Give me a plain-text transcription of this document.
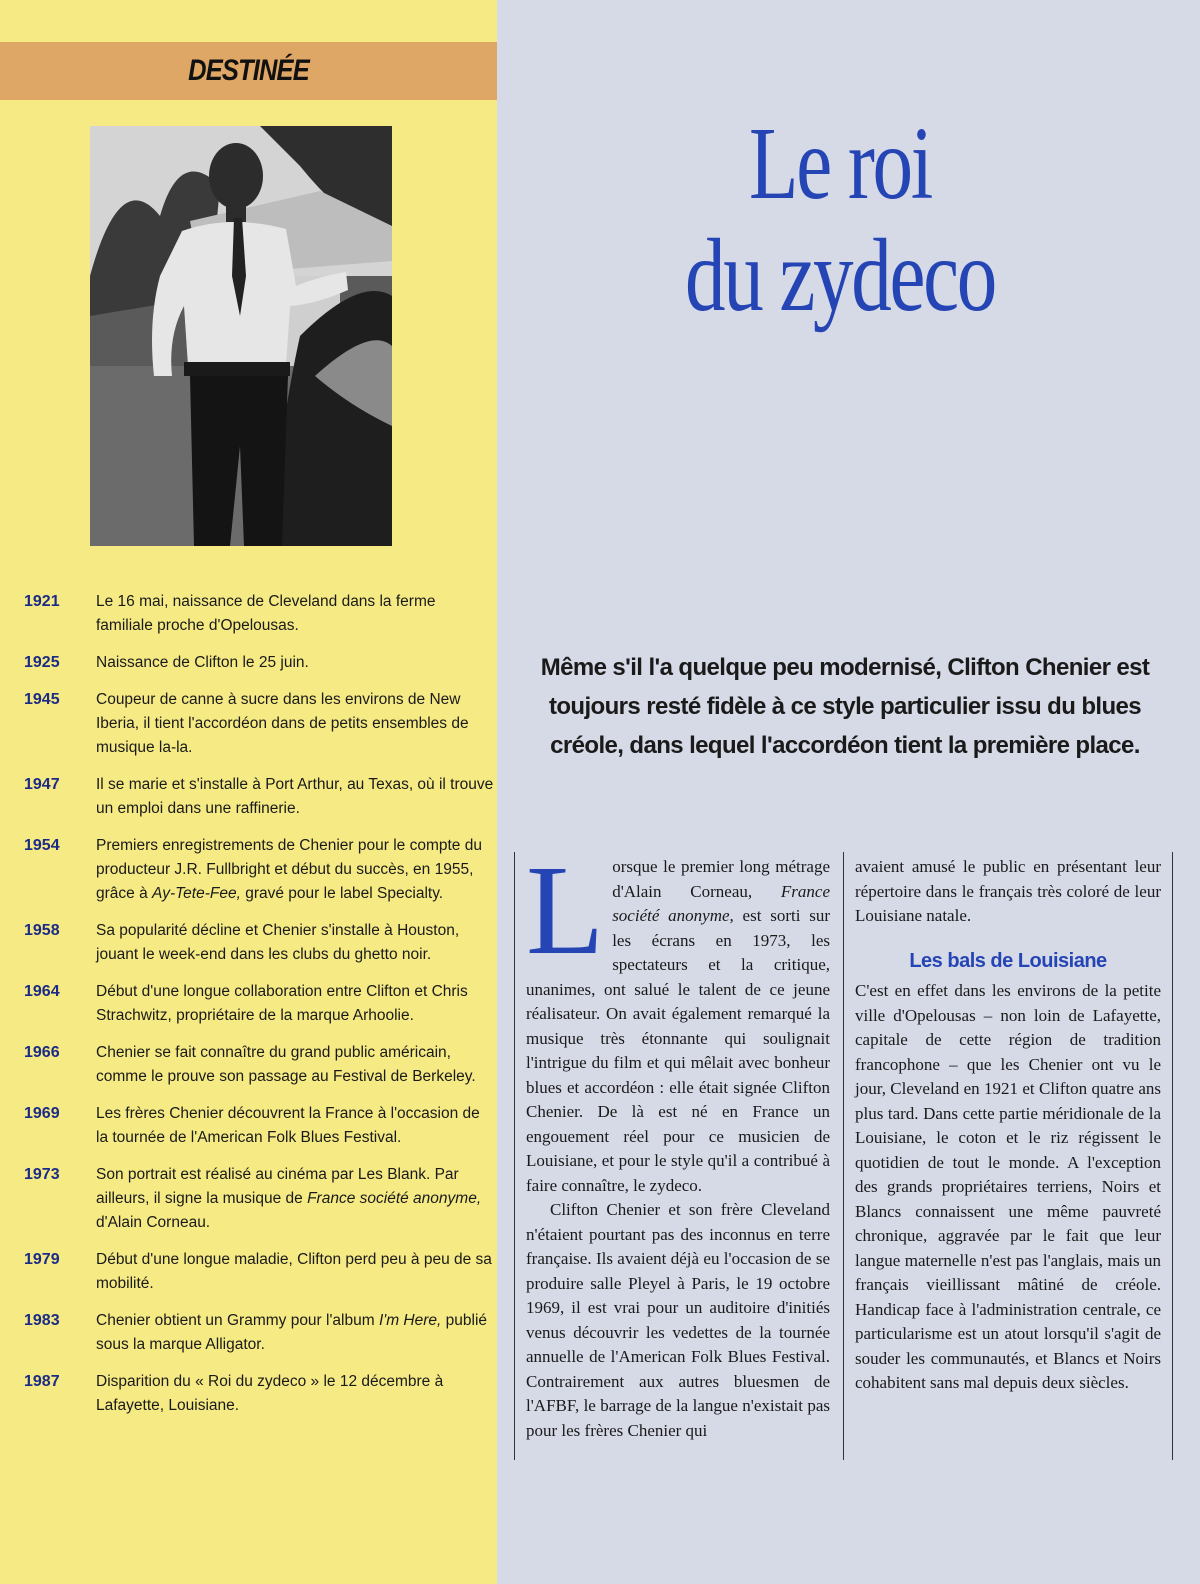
DESTINÉE
1921	Le 16 mai, naissance de Cleveland dans la ferme familiale proche d'Opelousas.
1925	Naissance de Clifton le 25 juin.
1945	Coupeur de canne à sucre dans les environs de New Iberia, il tient l'accordéon dans de petits ensembles de musique la-la.
1947	Il se marie et s'installe à Port Arthur, au Texas, où il trouve un emploi dans une raffinerie.
1954	Premiers enregistrements de Chenier pour le compte du producteur J.R. Fullbright et début du succès, en 1955, grâce à Ay-Tete-Fee, gravé pour le label Specialty.
1958	Sa popularité décline et Chenier s'installe à Houston, jouant le week-end dans les clubs du ghetto noir.
1964	Début d'une longue collaboration entre Clifton et Chris Strachwitz, propriétaire de la marque Arhoolie.
1966	Chenier se fait connaître du grand public américain, comme le prouve son passage au Festival de Berkeley.
1969	Les frères Chenier découvrent la France à l'occasion de la tournée de l'American Folk Blues Festival.
1973	Son portrait est réalisé au cinéma par Les Blank. Par ailleurs, il signe la musique de France société anonyme, d'Alain Corneau.
1979	Début d'une longue maladie, Clifton perd peu à peu de sa mobilité.
1983	Chenier obtient un Grammy pour l'album I'm Here, publié sous la marque Alligator.
1987	Disparition du « Roi du zydeco » le 12 décembre à Lafayette, Louisiane.
Le roi
du zydeco
Même s'il l'a quelque peu modernisé, Clifton Chenier est toujours resté fidèle à ce style particulier issu du blues créole, dans lequel l'accordéon tient la première place.

Lorsque le premier long métrage d'Alain Corneau, France société anonyme, est sorti sur les écrans en 1973, les spectateurs et la critique, unanimes, ont salué le talent de ce jeune réalisateur. On avait également remarqué la musique très étonnante qui soulignait l'intrigue du film et qui mêlait avec bonheur blues et accordéon : elle était signée Clifton Chenier. De là est né en France un engouement réel pour ce musicien de Louisiane, et pour le style qu'il a contribué à faire connaître, le zydeco.

Clifton Chenier et son frère Cleveland n'étaient pourtant pas des inconnus en terre française. Ils avaient déjà eu l'occasion de se produire salle Pleyel à Paris, le 19 octobre 1969, il est vrai pour un auditoire d'initiés venus découvrir les vedettes de la tournée annuelle de l'American Folk Blues Festival. Contrairement aux autres bluesmen de l'AFBF, le barrage de la langue n'existait pas pour les frères Chenier qui

avaient amusé le public en présentant leur répertoire dans le français très coloré de leur Louisiane natale.

Les bals de Louisiane

C'est en effet dans les environs de la petite ville d'Opelousas – non loin de Lafayette, capitale de cette région de tradition francophone – que les Chenier ont vu le jour, Cleveland en 1921 et Clifton quatre ans plus tard. Dans cette partie méridionale de la Louisiane, le coton et le riz régissent le quotidien de tout le monde. A l'exception des grands propriétaires terriens, Noirs et Blancs connaissent une même pauvreté chronique, aggravée par le fait que leur langue maternelle n'est pas l'anglais, mais un français vieillissant mâtiné de créole. Handicap face à l'administration centrale, ce particularisme est un atout lorsqu'il s'agit de souder les communautés, et Blancs et Noirs cohabitent sans mal depuis deux siècles.
